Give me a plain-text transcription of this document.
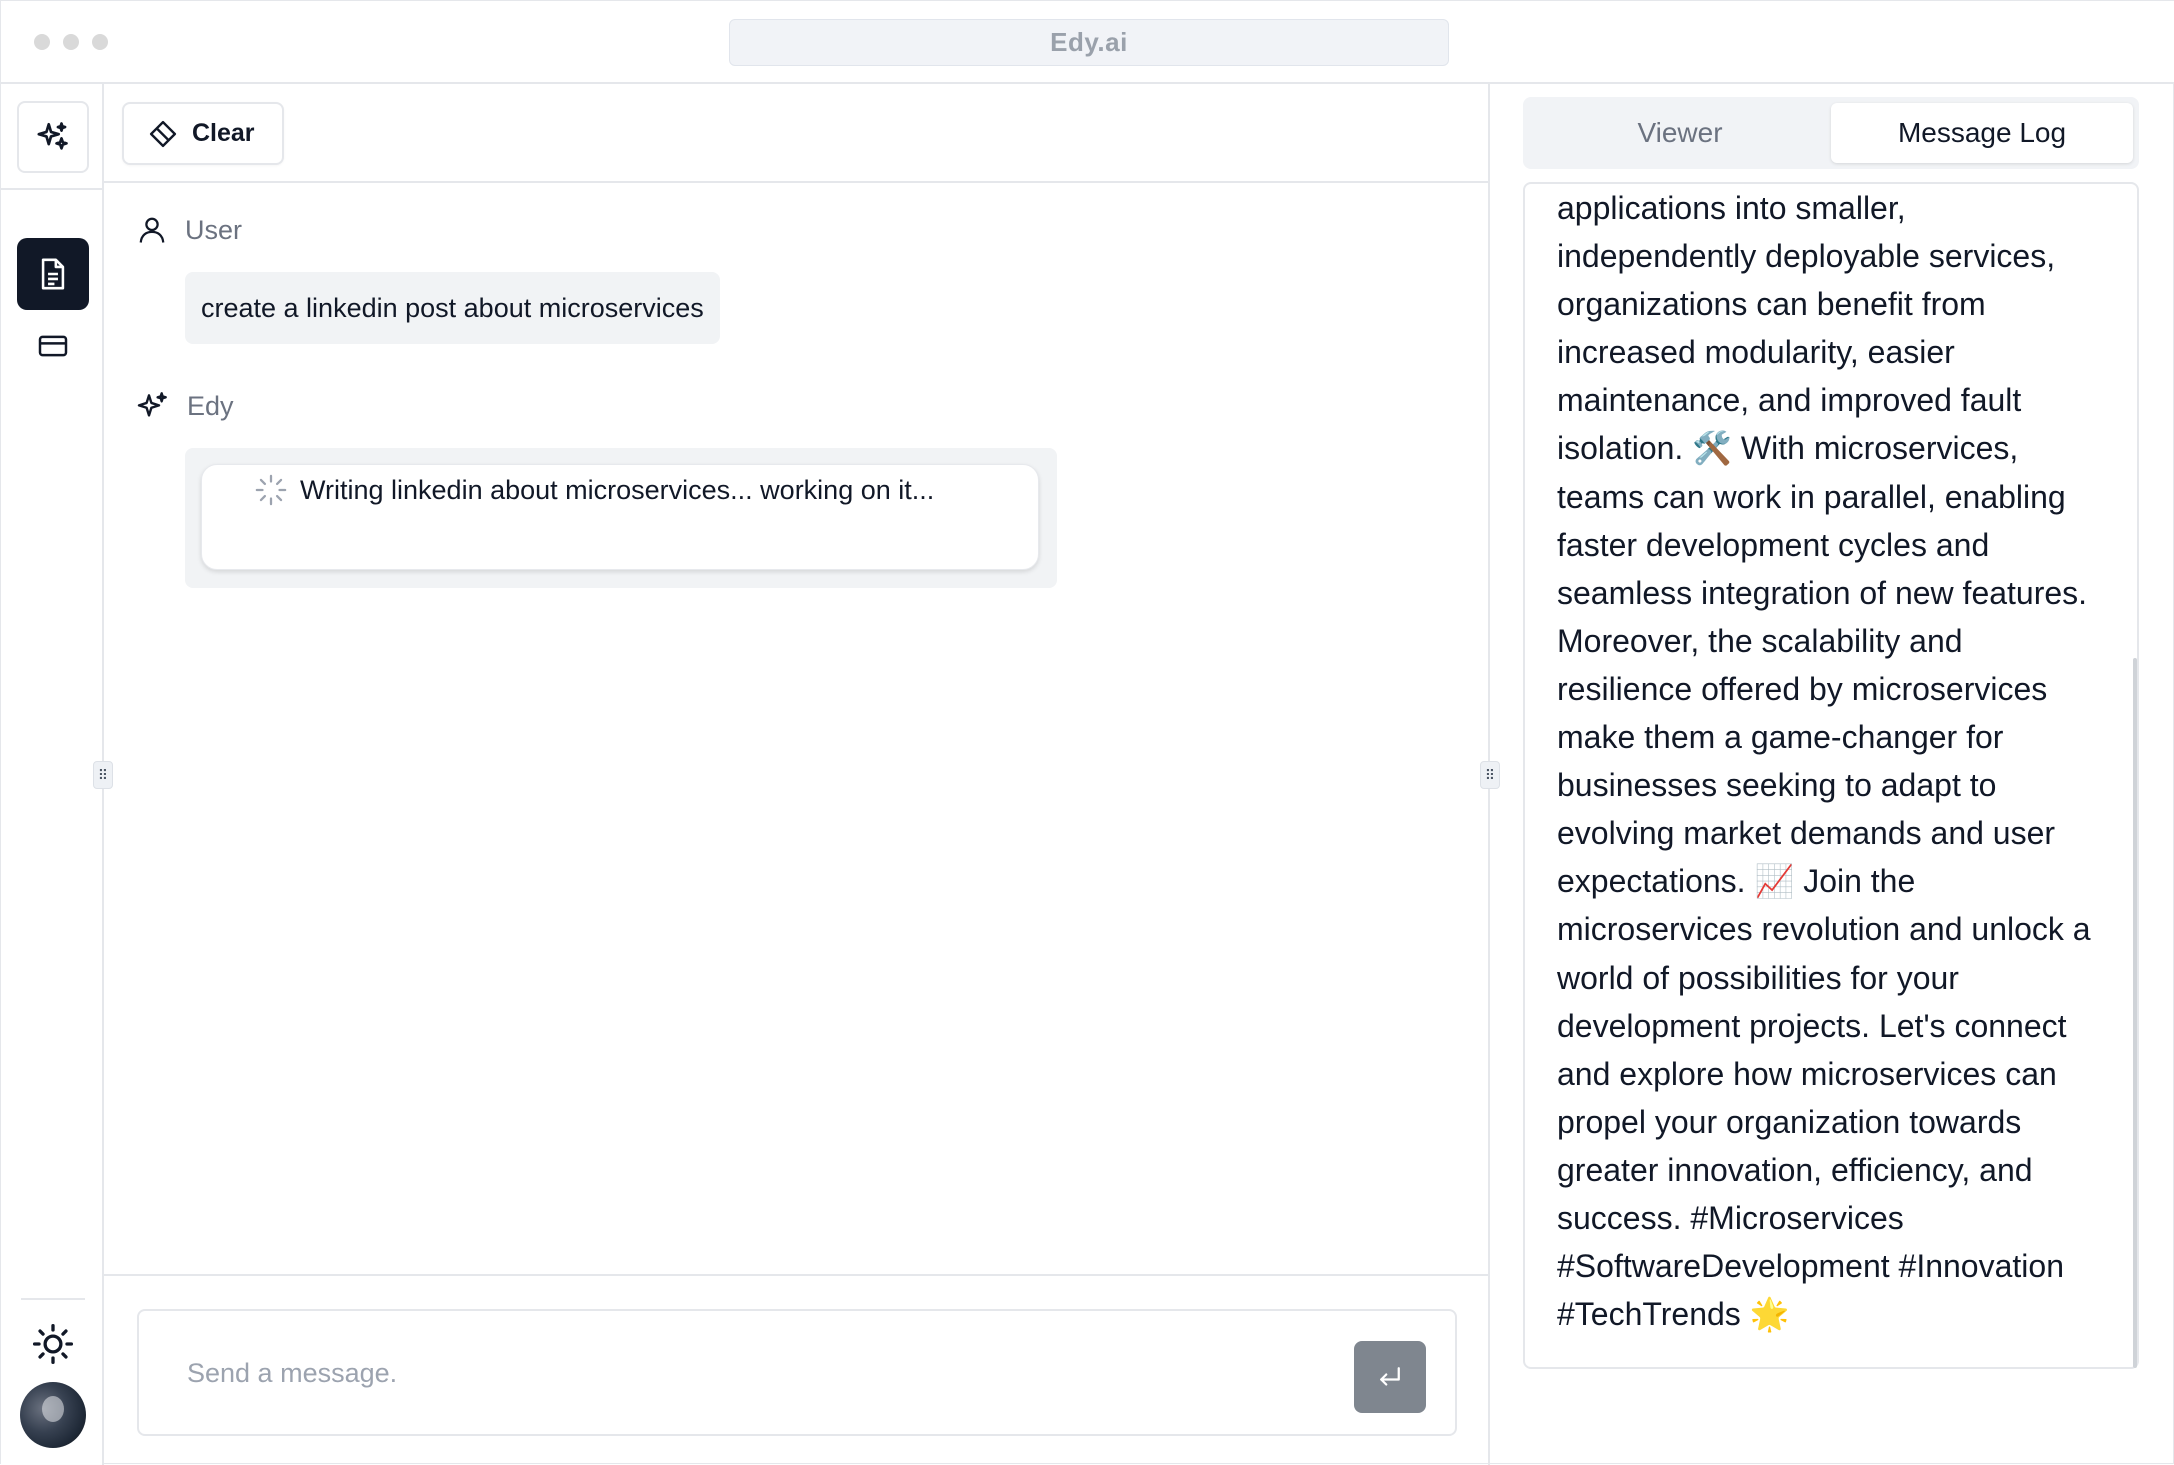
Edy.ai
⠿
Clear
User
create a linkedin post about microservices
Edy
Writing linkedin about microservices... working on it...
Send a message.
⠿
Viewer	Message Log
applications into smaller,
independently deployable services,
organizations can benefit from
increased modularity, easier
maintenance, and improved fault
isolation. 🛠️ With microservices,
teams can work in parallel, enabling
faster development cycles and
seamless integration of new features.
Moreover, the scalability and
resilience offered by microservices
make them a game-changer for
businesses seeking to adapt to
evolving market demands and user
expectations. 📈 Join the
microservices revolution and unlock a
world of possibilities for your
development projects. Let's connect
and explore how microservices can
propel your organization towards
greater innovation, efficiency, and
success. #Microservices
#SoftwareDevelopment #Innovation
#TechTrends 🌟
